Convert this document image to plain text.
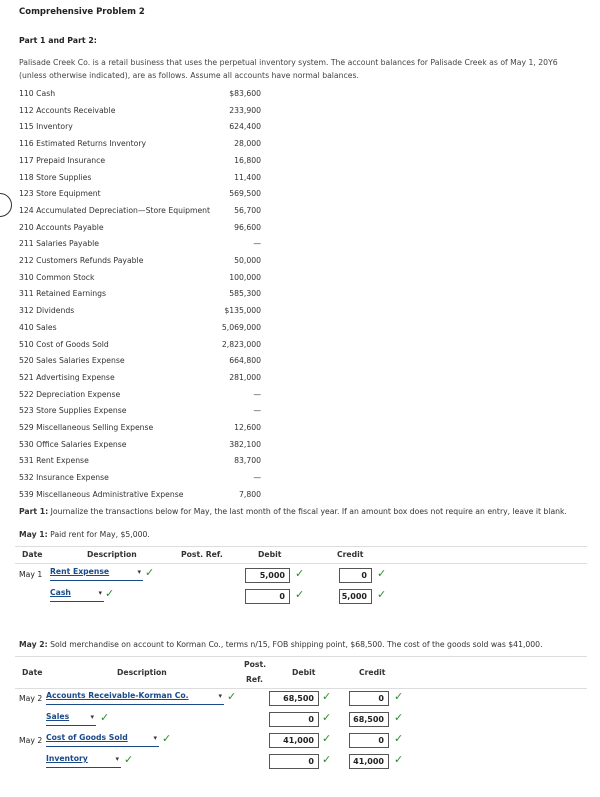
Comprehensive Problem 2
Part 1 and Part 2:
Palisade Creek Co. is a retail business that uses the perpetual inventory system. The account balances for Palisade Creek as of May 1, 20Y6
(unless otherwise indicated), are as follows. Assume all accounts have normal balances.
110 Cash	$83,600
112 Accounts Receivable	233,900
115 Inventory	624,400
116 Estimated Returns Inventory	28,000
117 Prepaid Insurance	16,800
118 Store Supplies	11,400
123 Store Equipment	569,500
124 Accumulated Depreciation—Store Equipment	56,700
210 Accounts Payable	96,600
211 Salaries Payable	—
212 Customers Refunds Payable	50,000
310 Common Stock	100,000
311 Retained Earnings	585,300
312 Dividends	$135,000
410 Sales	5,069,000
510 Cost of Goods Sold	2,823,000
520 Sales Salaries Expense	664,800
521 Advertising Expense	281,000
522 Depreciation Expense	—
523 Store Supplies Expense	—
529 Miscellaneous Selling Expense	12,600
530 Office Salaries Expense	382,100
531 Rent Expense	83,700
532 Insurance Expense	—
539 Miscellaneous Administrative Expense	7,800
Part 1: Journalize the transactions below for May, the last month of the fiscal year. If an amount box does not require an entry, leave it blank.
May 1: Paid rent for May, $5,000.
Date	Description	Post. Ref.	Debit	Credit
May 1 Rent Expense	▾ ✓	5,000 ✓	0 ✓
Cash	▾ ✓	0 ✓	5,000 ✓
May 2: Sold merchandise on account to Korman Co., terms n/15, FOB shipping point, $68,500. The cost of the goods sold was $41,000.
Date	Description
Post.
Ref.
Debit	Credit
May 2 Accounts Receivable-Korman Co.	▾ ✓	68,500 ✓	0 ✓
Sales	▾ ✓	0 ✓	68,500 ✓
May 2 Cost of Goods Sold	▾ ✓	41,000 ✓	0 ✓
Inventory	▾ ✓	0 ✓	41,000 ✓
